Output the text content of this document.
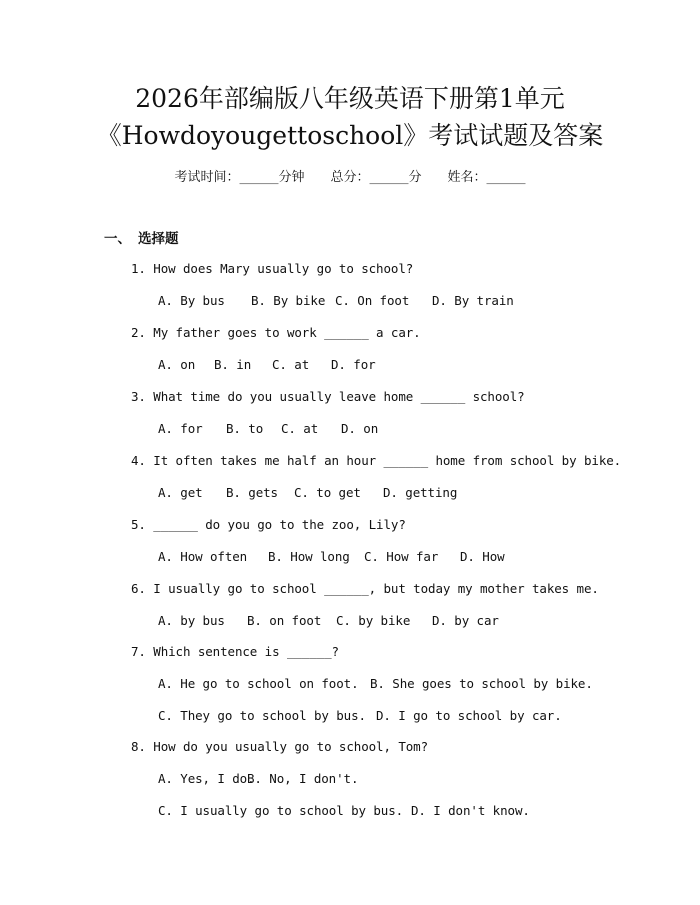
2026年部编版八年级英语下册第1单元
《Howdoyougettoschool》考试试题及答案
考试时间：______分钟 总分：______分 姓名：______
一、 选择题
1. How does Mary usually go to school?
A. By bus B. By bike C. On foot D. By train
2. My father goes to work ______ a car.
A. on B. in C. at D. for
3. What time do you usually leave home ______ school?
A. for B. to C. at D. on
4. It often takes me half an hour ______ home from school by bike.
A. get B. gets C. to get D. getting
5. ______ do you go to the zoo, Lily?
A. How often B. How long C. How far D. How
6. I usually go to school ______, but today my mother takes me.
A. by bus B. on foot C. by bike D. by car
7. Which sentence is ______?
A. He go to school on foot. B. She goes to school by bike.
C. They go to school by bus. D. I go to school by car.
8. How do you usually go to school, Tom?
A. Yes, I do.B. No, I don't.
C. I usually go to school by bus. D. I don't know.
